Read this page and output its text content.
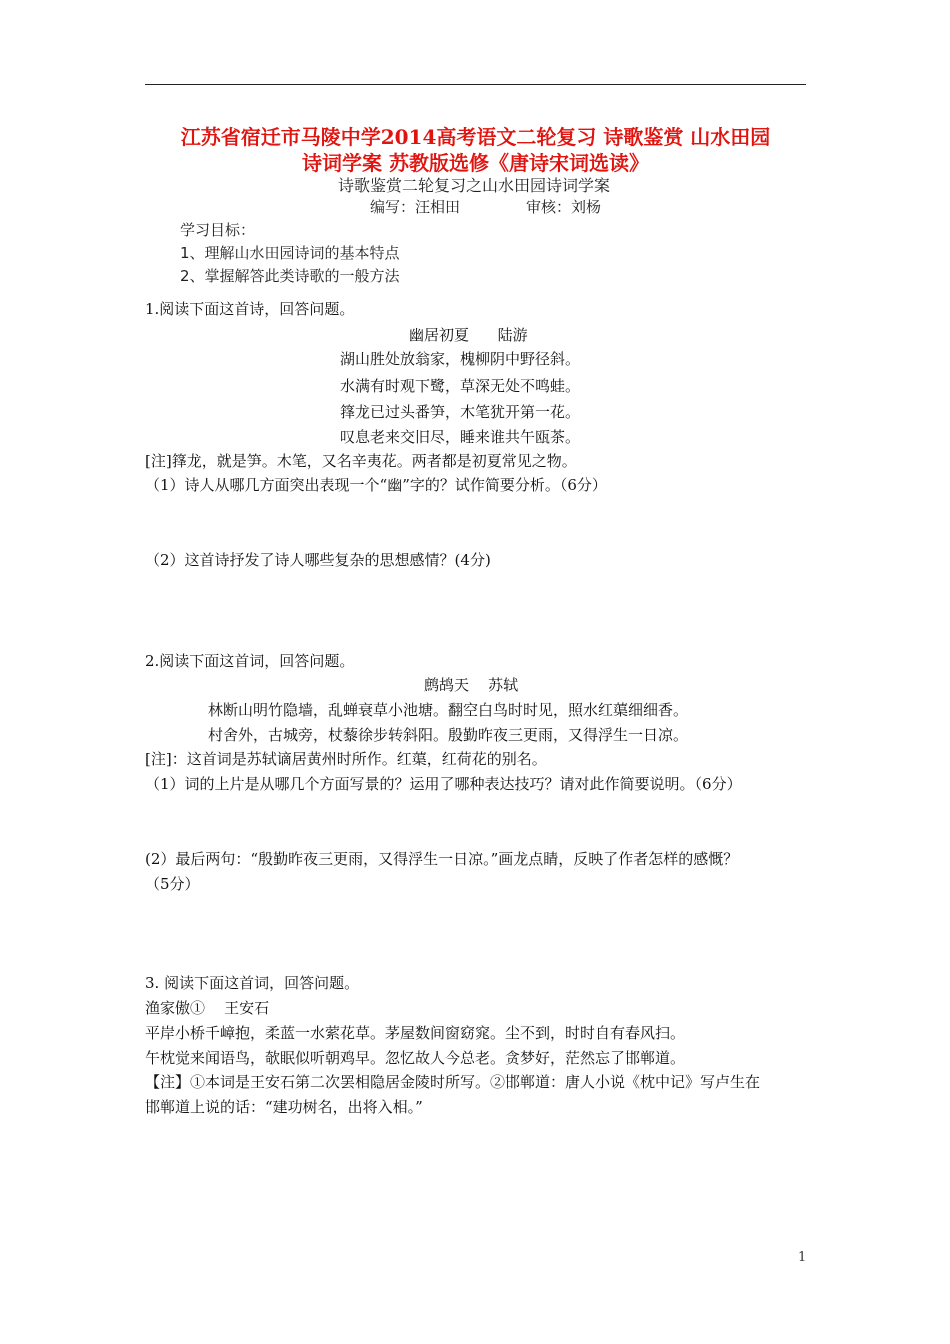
江苏省宿迁市马陵中学2014高考语文二轮复习 诗歌鉴赏 山水田园
诗词学案 苏教版选修《唐诗宋词选读》
诗歌鉴赏二轮复习之山水田园诗词学案
编写：汪相田	审核：刘杨
学习目标：
1、理解山水田园诗词的基本特点
2、掌握解答此类诗歌的一般方法
1.阅读下面这首诗，回答问题。
幽居初夏      陆游
湖山胜处放翁家，槐柳阴中野径斜。
水满有时观下鹭，草深无处不鸣蛙。
箨龙已过头番笋，木笔犹开第一花。
叹息老来交旧尽，睡来谁共午瓯茶。
[注]箨龙，就是笋。木笔，又名辛夷花。两者都是初夏常见之物。
（1）诗人从哪几方面突出表现一个“幽”字的？试作简要分析。（6分）
（2）这首诗抒发了诗人哪些复杂的思想感情？(4分)
2.阅读下面这首词，回答问题。
鹧鸪天    苏轼
林断山明竹隐墙，乱蝉衰草小池塘。翻空白鸟时时见，照水红蕖细细香。
村舍外，古城旁，杖藜徐步转斜阳。殷勤昨夜三更雨，又得浮生一日凉。
[注]：这首词是苏轼谪居黄州时所作。红蕖，红荷花的别名。
（1）词的上片是从哪几个方面写景的？运用了哪种表达技巧？请对此作简要说明。（6分）
(2）最后两句：“殷勤昨夜三更雨，又得浮生一日凉。”画龙点睛，反映了作者怎样的感慨？
（5分）
3. 阅读下面这首词，回答问题。
渔家傲①    王安石
平岸小桥千嶂抱，柔蓝一水萦花草。茅屋数间窗窈窕。尘不到，时时自有春风扫。
午枕觉来闻语鸟，欹眠似听朝鸡早。忽忆故人今总老。贪梦好，茫然忘了邯郸道。
【注】①本词是王安石第二次罢相隐居金陵时所写。②邯郸道：唐人小说《枕中记》写卢生在
邯郸道上说的话：“建功树名，出将入相。”
1
